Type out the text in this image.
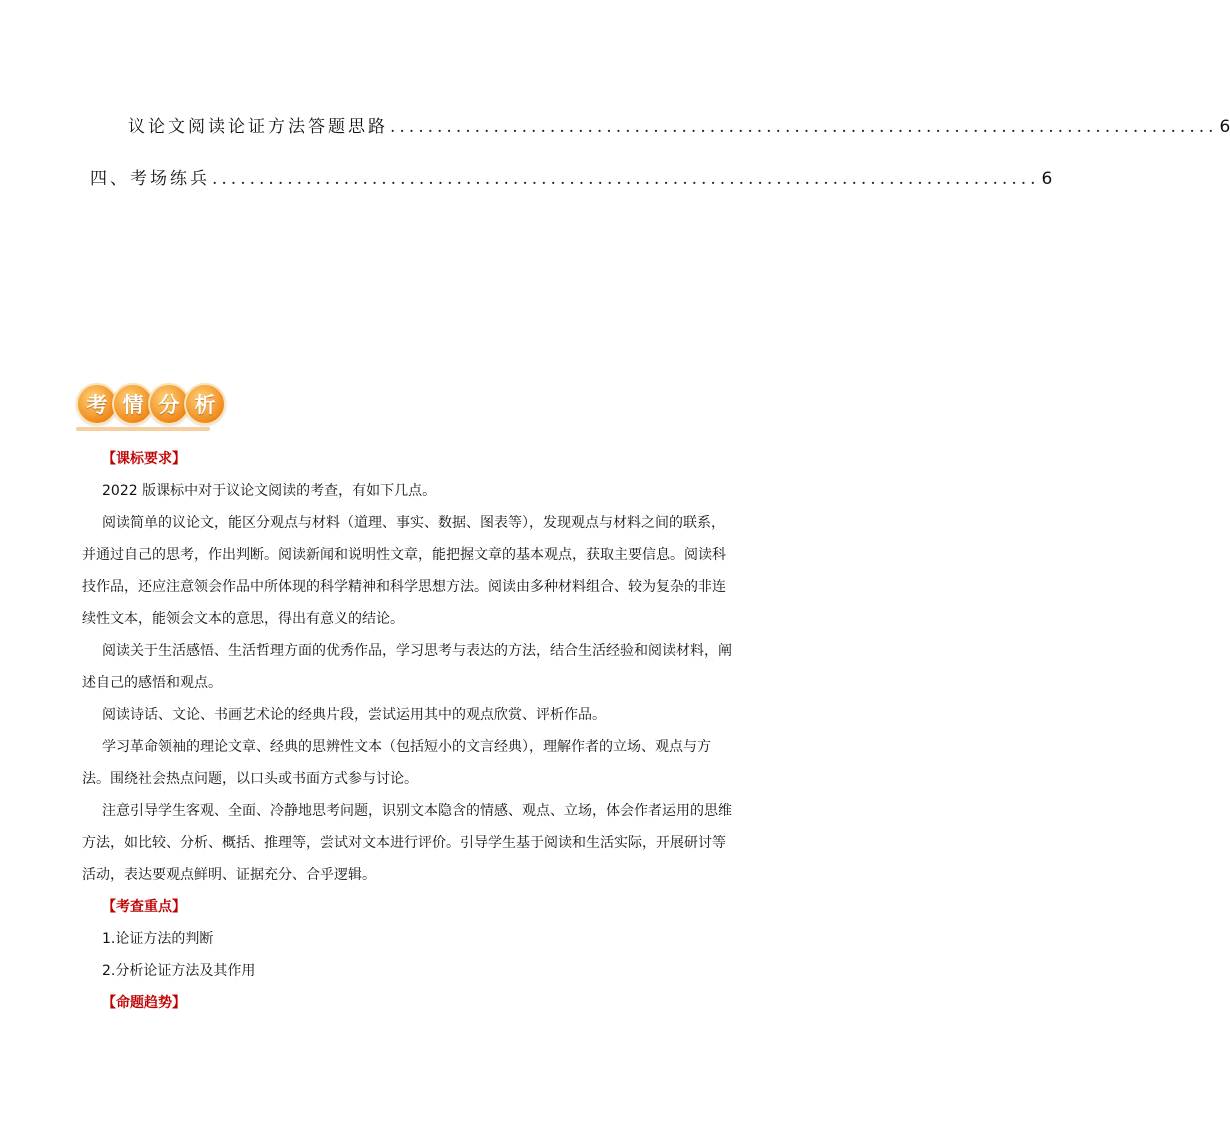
议论文阅读论证方法答题思路 ........................................................................................ 6
四、考场练兵 ........................................................................................ 6
考 情 分 析

【课标要求】

2022 版课标中对于议论文阅读的考查，有如下几点。

阅读简单的议论文，能区分观点与材料（道理、事实、数据、图表等），发现观点与材料之间的联系，并通过自己的思考，作出判断。阅读新闻和说明性文章，能把握文章的基本观点，获取主要信息。阅读科技作品，还应注意领会作品中所体现的科学精神和科学思想方法。阅读由多种材料组合、较为复杂的非连续性文本，能领会文本的意思，得出有意义的结论。

阅读关于生活感悟、生活哲理方面的优秀作品，学习思考与表达的方法，结合生活经验和阅读材料，阐述自己的感悟和观点。

阅读诗话、文论、书画艺术论的经典片段，尝试运用其中的观点欣赏、评析作品。

学习革命领袖的理论文章、经典的思辨性文本（包括短小的文言经典），理解作者的立场、观点与方法。围绕社会热点问题，以口头或书面方式参与讨论。

注意引导学生客观、全面、冷静地思考问题，识别文本隐含的情感、观点、立场，体会作者运用的思维方法，如比较、分析、概括、推理等，尝试对文本进行评价。引导学生基于阅读和生活实际，开展研讨等活动，表达要观点鲜明、证据充分、合乎逻辑。

【考查重点】

1.论证方法的判断

2.分析论证方法及其作用

【命题趋势】
